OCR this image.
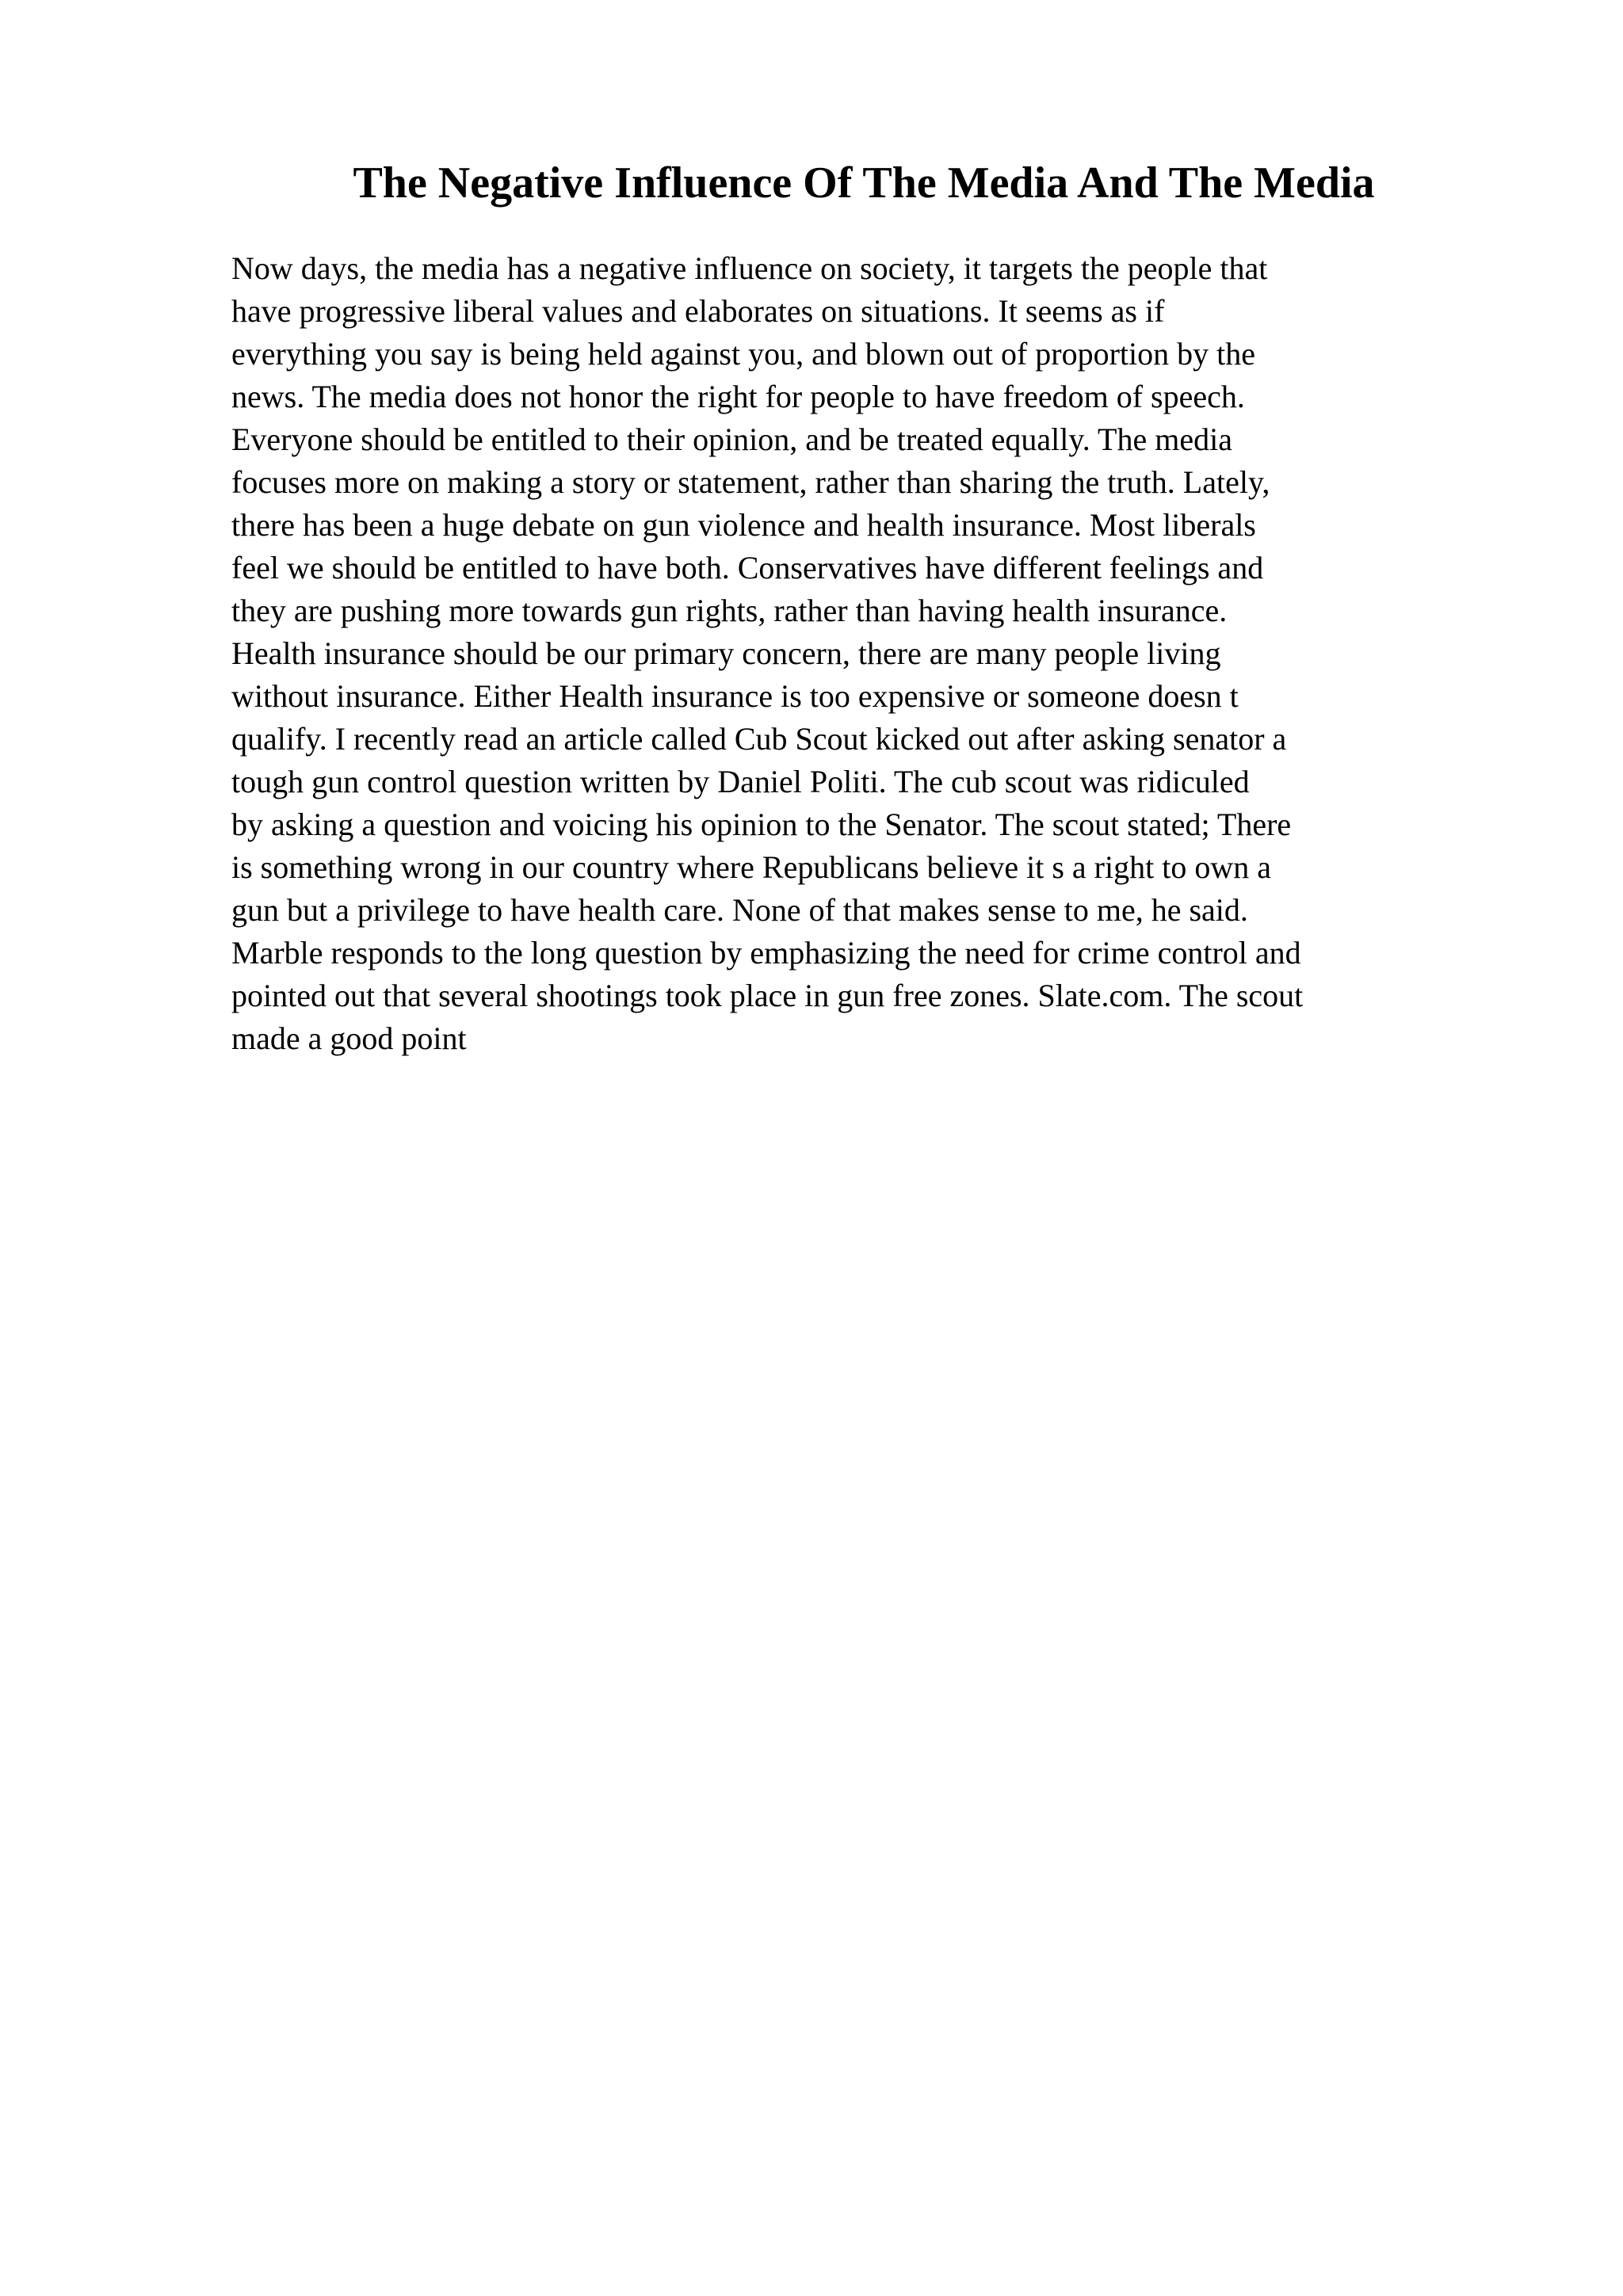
The Negative Influence Of The Media And The Media
Now days, the media has a negative influence on society, it targets the people that
have progressive liberal values and elaborates on situations. It seems as if
everything you say is being held against you, and blown out of proportion by the
news. The media does not honor the right for people to have freedom of speech.
Everyone should be entitled to their opinion, and be treated equally. The media
focuses more on making a story or statement, rather than sharing the truth. Lately,
there has been a huge debate on gun violence and health insurance. Most liberals
feel we should be entitled to have both. Conservatives have different feelings and
they are pushing more towards gun rights, rather than having health insurance.
Health insurance should be our primary concern, there are many people living
without insurance. Either Health insurance is too expensive or someone doesn t
qualify. I recently read an article called Cub Scout kicked out after asking senator a
tough gun control question written by Daniel Politi. The cub scout was ridiculed
by asking a question and voicing his opinion to the Senator. The scout stated; There
is something wrong in our country where Republicans believe it s a right to own a
gun but a privilege to have health care. None of that makes sense to me, he said.
Marble responds to the long question by emphasizing the need for crime control and
pointed out that several shootings took place in gun free zones. Slate.com. The scout
made a good point
